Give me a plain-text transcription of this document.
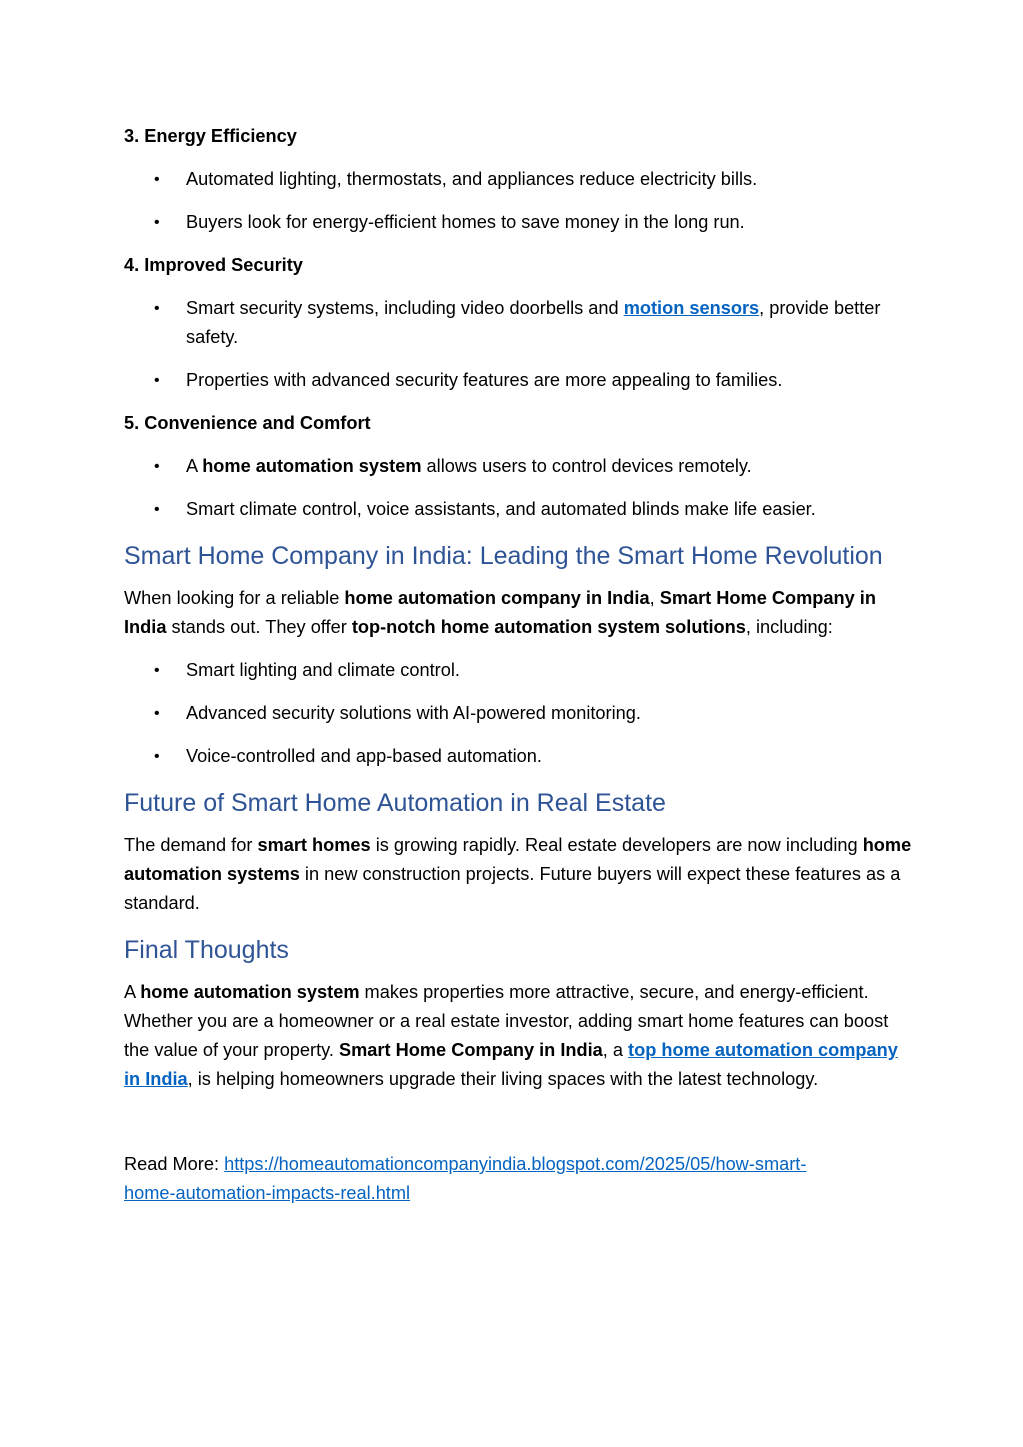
3. Energy Efficiency

• Automated lighting, thermostats, and appliances reduce electricity bills.
• Buyers look for energy-efficient homes to save money in the long run.

4. Improved Security

• Smart security systems, including video doorbells and motion sensors, provide better safety.
• Properties with advanced security features are more appealing to families.

5. Convenience and Comfort

• A home automation system allows users to control devices remotely.
• Smart climate control, voice assistants, and automated blinds make life easier.
Smart Home Company in India: Leading the Smart Home Revolution

When looking for a reliable home automation company in India, Smart Home Company in India stands out. They offer top-notch home automation system solutions, including:

• Smart lighting and climate control.
• Advanced security solutions with AI-powered monitoring.
• Voice-controlled and app-based automation.
Future of Smart Home Automation in Real Estate

The demand for smart homes is growing rapidly. Real estate developers are now including home automation systems in new construction projects. Future buyers will expect these features as a standard.

Final Thoughts

A home automation system makes properties more attractive, secure, and energy-efficient. Whether you are a homeowner or a real estate investor, adding smart home features can boost the value of your property. Smart Home Company in India, a top home automation company in India, is helping homeowners upgrade their living spaces with the latest technology.

Read More: https://homeautomationcompanyindia.blogspot.com/2025/05/how-smart-
home-automation-impacts-real.html
